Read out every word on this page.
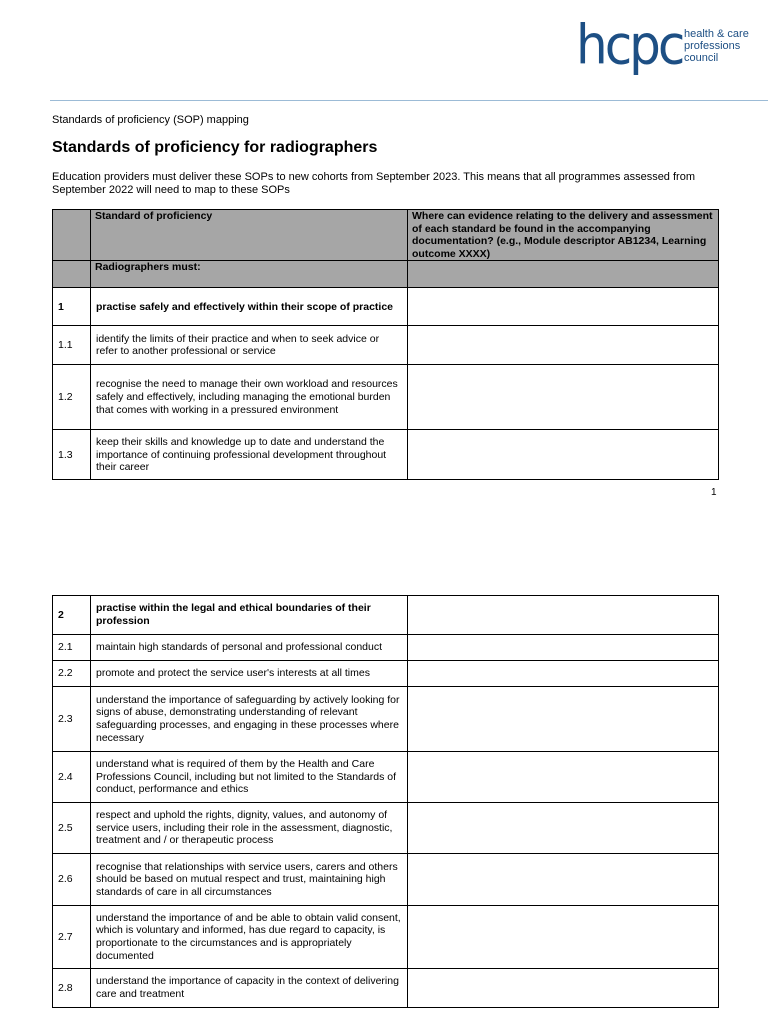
hcpc health & care
professions
council
Standards of proficiency (SOP) mapping
Standards of proficiency for radiographers
Education providers must deliver these SOPs to new cohorts from September 2023. This means that all programmes assessed from September 2022 will need to map to these SOPs
	Standard of proficiency	Where can evidence relating to the delivery and assessment of each standard be found in the accompanying documentation? (e.g., Module descriptor AB1234, Learning outcome XXXX)
	Radiographers must:	
1	practise safely and effectively within their scope of practice	
1.1	identify the limits of their practice and when to seek advice or refer to another professional or service	
1.2	recognise the need to manage their own workload and resources safely and effectively, including managing the emotional burden that comes with working in a pressured environment	
1.3	keep their skills and knowledge up to date and understand the importance of continuing professional development throughout their career	
1
2	practise within the legal and ethical boundaries of their profession	
2.1	maintain high standards of personal and professional conduct	
2.2	promote and protect the service user's interests at all times	
2.3	understand the importance of safeguarding by actively looking for signs of abuse, demonstrating understanding of relevant safeguarding processes, and engaging in these processes where necessary	
2.4	understand what is required of them by the Health and Care Professions Council, including but not limited to the Standards of conduct, performance and ethics	
2.5	respect and uphold the rights, dignity, values, and autonomy of service users, including their role in the assessment, diagnostic, treatment and / or therapeutic process	
2.6	recognise that relationships with service users, carers and others should be based on mutual respect and trust, maintaining high standards of care in all circumstances	
2.7	understand the importance of and be able to obtain valid consent, which is voluntary and informed, has due regard to capacity, is proportionate to the circumstances and is appropriately documented	
2.8	understand the importance of capacity in the context of delivering care and treatment	
